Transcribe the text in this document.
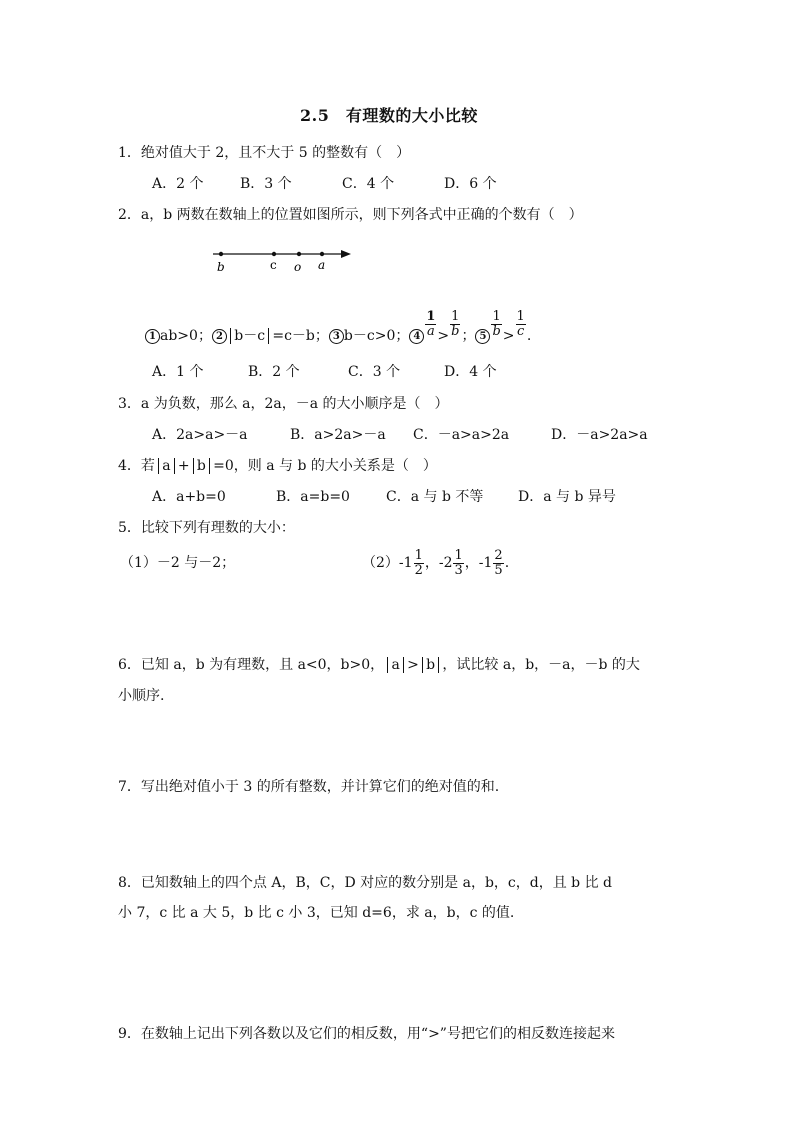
2.5　有理数的大小比较
1．绝对值大于 2，且不大于 5 的整数有（　）
A．2 个	B．3 个	C．4 个	D．6 个
2．a，b 两数在数轴上的位置如图所示，则下列各式中正确的个数有（　）
b	c o a
1 ab>0； 2 b－c =c－b； 3 b－c>0； $4 \frac{1}{a} > \frac{1}{b}$ ； $5 \frac{1}{b} > \frac{1}{c}$ .
A．1 个	B．2 个	C．3 个	D．4 个
3．a 为负数，那么 a，2a，－a 的大小顺序是（　）
A．2a>a>－a	B．a>2a>－a C．－a>a>2a	D．－a>2a>a
4．若 a + b =0，则 a 与 b 的大小关系是（　）
A．a+b=0	B．a=b=0	C．a 与 b 不等 D．a 与 b 异号
5．比较下列有理数的大小：
（1）－2 与－2；	$(2)-1 \frac{1}{2}$ ，$-2 \frac{1}{3}$ ，$-1 \frac{2}{5}$ .
6．已知 a，b 为有理数，且 a<0，b>0， a > b ，试比较 a，b，－a，－b 的大
小顺序.
7．写出绝对值小于 3 的所有整数，并计算它们的绝对值的和.
8．已知数轴上的四个点 A，B，C，D 对应的数分别是 a，b，c，d，且 b 比 d
小 7，c 比 a 大 5，b 比 c 小 3，已知 d=6，求 a，b，c 的值.
9．在数轴上记出下列各数以及它们的相反数，用“>”号把它们的相反数连接起来
